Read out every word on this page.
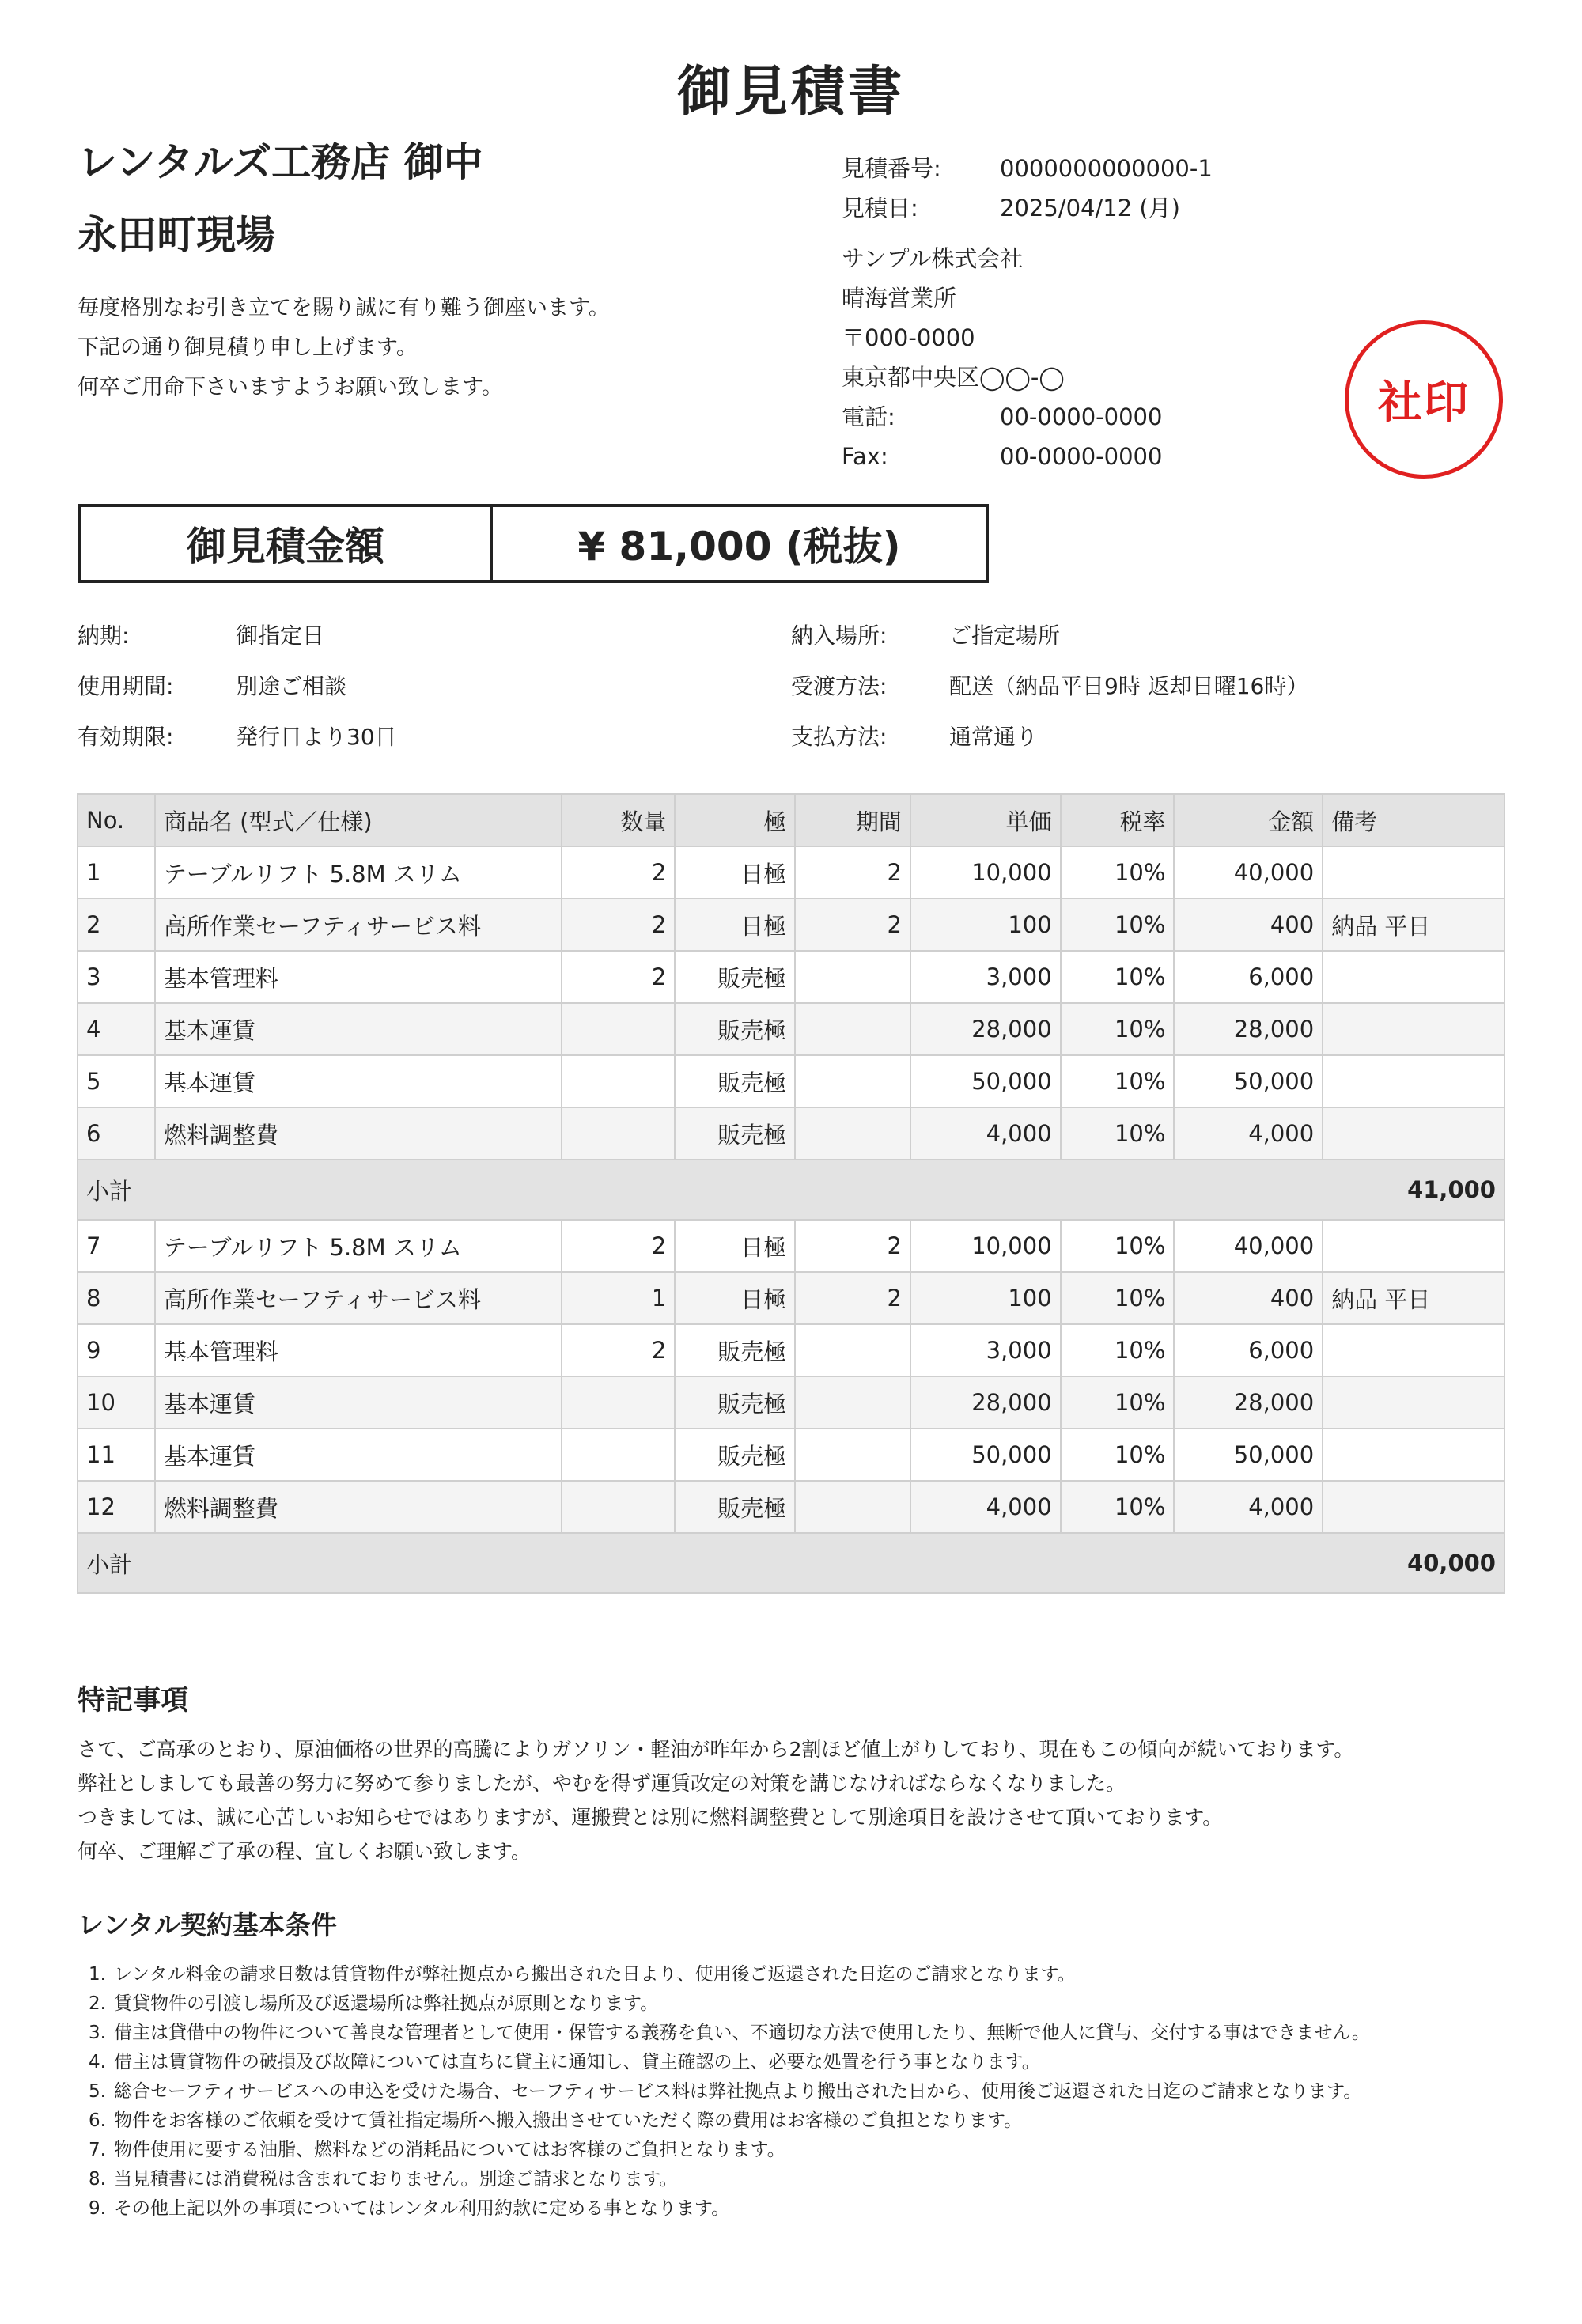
御見積書
レンタルズ工務店 御中
永田町現場
毎度格別なお引き立てを賜り誠に有り難う御座います。
下記の通り御見積り申し上げます。
何卒ご用命下さいますようお願い致します。
見積番号:	0000000000000-1
見積日:	2025/04/12 (月)
サンプル株式会社
晴海営業所
〒000-0000
東京都中央区◯◯-◯
電話:	00-0000-0000
Fax:	00-0000-0000
社印
御見積金額	¥ 81,000 (税抜)
納期:	御指定日
使用期間:	別途ご相談
有効期限:	発行日より30日
納入場所:	ご指定場所
受渡方法:	配送（納品平日9時 返却日曜16時）
支払方法:	通常通り
No.	商品名 (型式／仕様)	数量	極	期間	単価	税率	金額	備考
1	テーブルリフト 5.8M スリム	2	日極	2	10,000	10%	40,000	
2	高所作業セーフティサービス料	2	日極	2	100	10%	400	納品 平日
3	基本管理料	2	販売極		3,000	10%	6,000	
4	基本運賃		販売極		28,000	10%	28,000	
5	基本運賃		販売極		50,000	10%	50,000	
6	燃料調整費		販売極		4,000	10%	4,000	
小計							41,000	
7	テーブルリフト 5.8M スリム	2	日極	2	10,000	10%	40,000	
8	高所作業セーフティサービス料	1	日極	2	100	10%	400	納品 平日
9	基本管理料	2	販売極		3,000	10%	6,000	
10	基本運賃		販売極		28,000	10%	28,000	
11	基本運賃		販売極		50,000	10%	50,000	
12	燃料調整費		販売極		4,000	10%	4,000	
小計							40,000	
特記事項
さて、ご高承のとおり、原油価格の世界的高騰によりガソリン・軽油が昨年から2割ほど値上がりしており、現在もこの傾向が続いております。
弊社としましても最善の努力に努めて参りましたが、やむを得ず運賃改定の対策を講じなければならなくなりました。
つきましては、誠に心苦しいお知らせではありますが、運搬費とは別に燃料調整費として別途項目を設けさせて頂いております。
何卒、ご理解ご了承の程、宜しくお願い致します。
レンタル契約基本条件
1. レンタル料金の請求日数は賃貸物件が弊社拠点から搬出された日より、使用後ご返還された日迄のご請求となります。
2. 賃貸物件の引渡し場所及び返還場所は弊社拠点が原則となります。
3. 借主は貸借中の物件について善良な管理者として使用・保管する義務を負い、不適切な方法で使用したり、無断で他人に貸与、交付する事はできません。
4. 借主は賃貸物件の破損及び故障については直ちに貸主に通知し、貸主確認の上、必要な処置を行う事となります。
5. 総合セーフティサービスへの申込を受けた場合、セーフティサービス料は弊社拠点より搬出された日から、使用後ご返還された日迄のご請求となります。
6. 物件をお客様のご依頼を受けて賃社指定場所へ搬入搬出させていただく際の費用はお客様のご負担となります。
7. 物件使用に要する油脂、燃料などの消耗品についてはお客様のご負担となります。
8. 当見積書には消費税は含まれておりません。別途ご請求となります。
9. その他上記以外の事項についてはレンタル利用約款に定める事となります。
